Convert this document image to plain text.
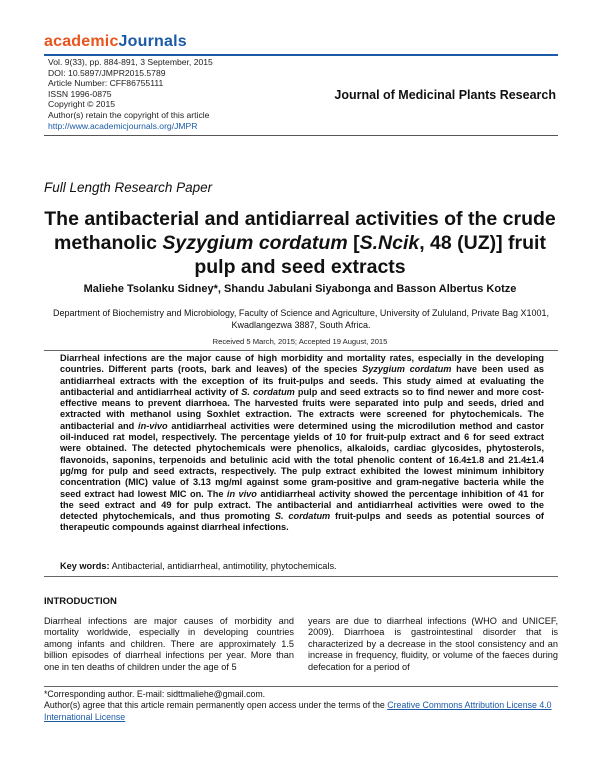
academicJournals
Vol. 9(33), pp. 884-891, 3 September, 2015
DOI: 10.5897/JMPR2015.5789
Article Number: CFF86755111
ISSN 1996-0875
Copyright © 2015
Author(s) retain the copyright of this article
http://www.academicjournals.org/JMPR
Journal of Medicinal Plants Research
Full Length Research Paper
The antibacterial and antidiarreal activities of the crude methanolic Syzygium cordatum [S.Ncik, 48 (UZ)] fruit pulp and seed extracts
Maliehe Tsolanku Sidney*, Shandu Jabulani Siyabonga and Basson Albertus Kotze
Department of Biochemistry and Microbiology, Faculty of Science and Agriculture, University of Zululand, Private Bag X1001, Kwadlangezwa 3887, South Africa.
Received 5 March, 2015; Accepted 19 August, 2015
Diarrheal infections are the major cause of high morbidity and mortality rates, especially in the developing countries. Different parts (roots, bark and leaves) of the species Syzygium cordatum have been used as antidiarrheal extracts with the exception of its fruit-pulps and seeds. This study aimed at evaluating the antibacterial and antidiarrheal activity of S. cordatum pulp and seed extracts so to find newer and more cost-effective means to prevent diarrhoea. The harvested fruits were separated into pulp and seeds, dried and extracted with methanol using Soxhlet extraction. The extracts were screened for phytochemicals. The antibacterial and in-vivo antidiarrheal activities were determined using the microdilution method and castor oil-induced rat model, respectively. The percentage yields of 10 for fruit-pulp extract and 6 for seed extract were obtained. The detected phytochemicals were phenolics, alkaloids, cardiac glycosides, phytosterols, flavonoids, saponins, terpenoids and betulinic acid with the total phenolic content of 16.4±1.8 and 21.4±1.4 µg/mg for pulp and seed extracts, respectively. The pulp extract exhibited the lowest minimum inhibitory concentration (MIC) value of 3.13 mg/ml against some gram-positive and gram-negative bacteria while the seed extract had lowest MIC on. The in vivo antidiarrheal activity showed the percentage inhibition of 41 for the seed extract and 49 for pulp extract. The antibacterial and antidiarrheal activities were owed to the detected phytochemicals, and thus promoting S. cordatum fruit-pulps and seeds as potential sources of therapeutic compounds against diarrheal infections.
Key words: Antibacterial, antidiarrheal, antimotility, phytochemicals.
INTRODUCTION
Diarrheal infections are major causes of morbidity and mortality worldwide, especially in developing countries among infants and children. There are approximately 1.5 billion episodes of diarrheal infections per year. More than one in ten deaths of children under the age of 5
years are due to diarrheal infections (WHO and UNICEF, 2009). Diarrhoea is gastrointestinal disorder that is characterized by a decrease in the stool consistency and an increase in frequency, fluidity, or volume of the faeces during defecation for a period of
*Corresponding author. E-mail: sidttmaliehe@gmail.com.
Author(s) agree that this article remain permanently open access under the terms of the Creative Commons Attribution License 4.0 International License
